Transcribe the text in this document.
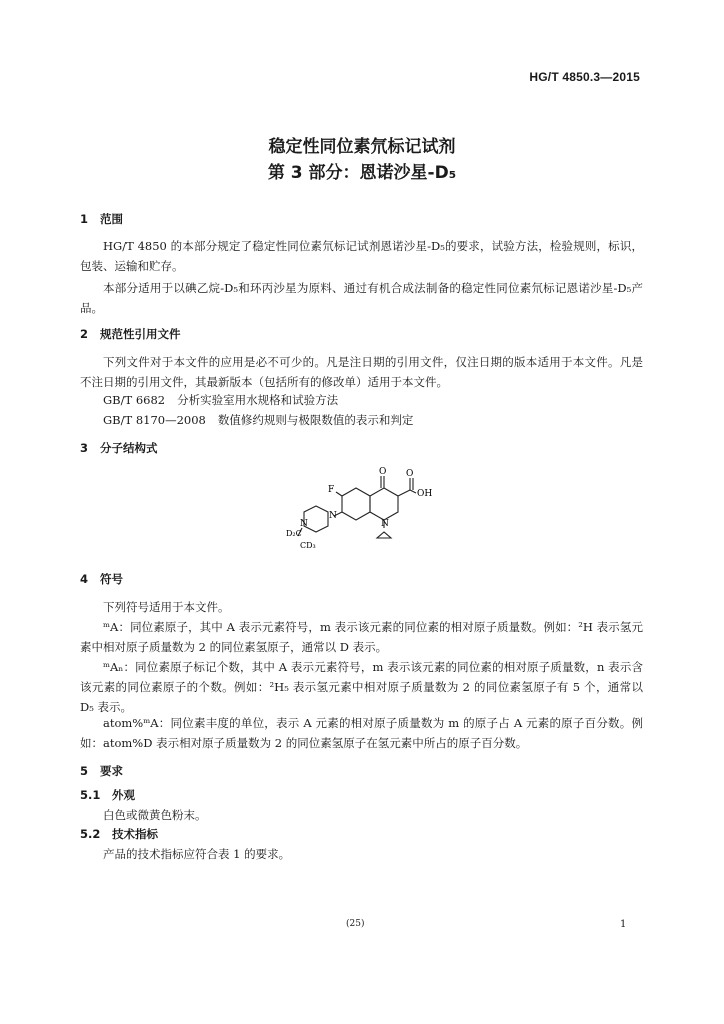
HG/T 4850.3—2015
稳定性同位素氘标记试剂
第 3 部分：恩诺沙星-D₅
1 范围
HG/T 4850 的本部分规定了稳定性同位素氘标记试剂恩诺沙星-D₅的要求，试验方法，检验规则，标识，包装、运输和贮存。
本部分适用于以碘乙烷-D₅和环丙沙星为原料、通过有机合成法制备的稳定性同位素氘标记恩诺沙星-D₅产品。
2 规范性引用文件
下列文件对于本文件的应用是必不可少的。凡是注日期的引用文件，仅注日期的版本适用于本文件。凡是不注日期的引用文件，其最新版本（包括所有的修改单）适用于本文件。
GB/T 6682 分析实验室用水规格和试验方法
GB/T 8170—2008 数值修约规则与极限数值的表示和判定
3 分子结构式
O O
OH
F
N
N	N
D₂C
CD₃
4 符号
下列符号适用于本文件。
ᵐA：同位素原子，其中 A 表示元素符号，m 表示该元素的同位素的相对原子质量数。例如：²H 表示氢元素中相对原子质量数为 2 的同位素氢原子，通常以 D 表示。
ᵐAₙ：同位素原子标记个数，其中 A 表示元素符号，m 表示该元素的同位素的相对原子质量数，n 表示含该元素的同位素原子的个数。例如：²H₅ 表示氢元素中相对原子质量数为 2 的同位素氢原子有 5 个，通常以 D₅ 表示。
atom%ᵐA：同位素丰度的单位，表示 A 元素的相对原子质量数为 m 的原子占 A 元素的原子百分数。例如：atom%D 表示相对原子质量数为 2 的同位素氢原子在氢元素中所占的原子百分数。
5 要求
5.1 外观
白色或微黄色粉末。
5.2 技术指标
产品的技术指标应符合表 1 的要求。
(25)	1
